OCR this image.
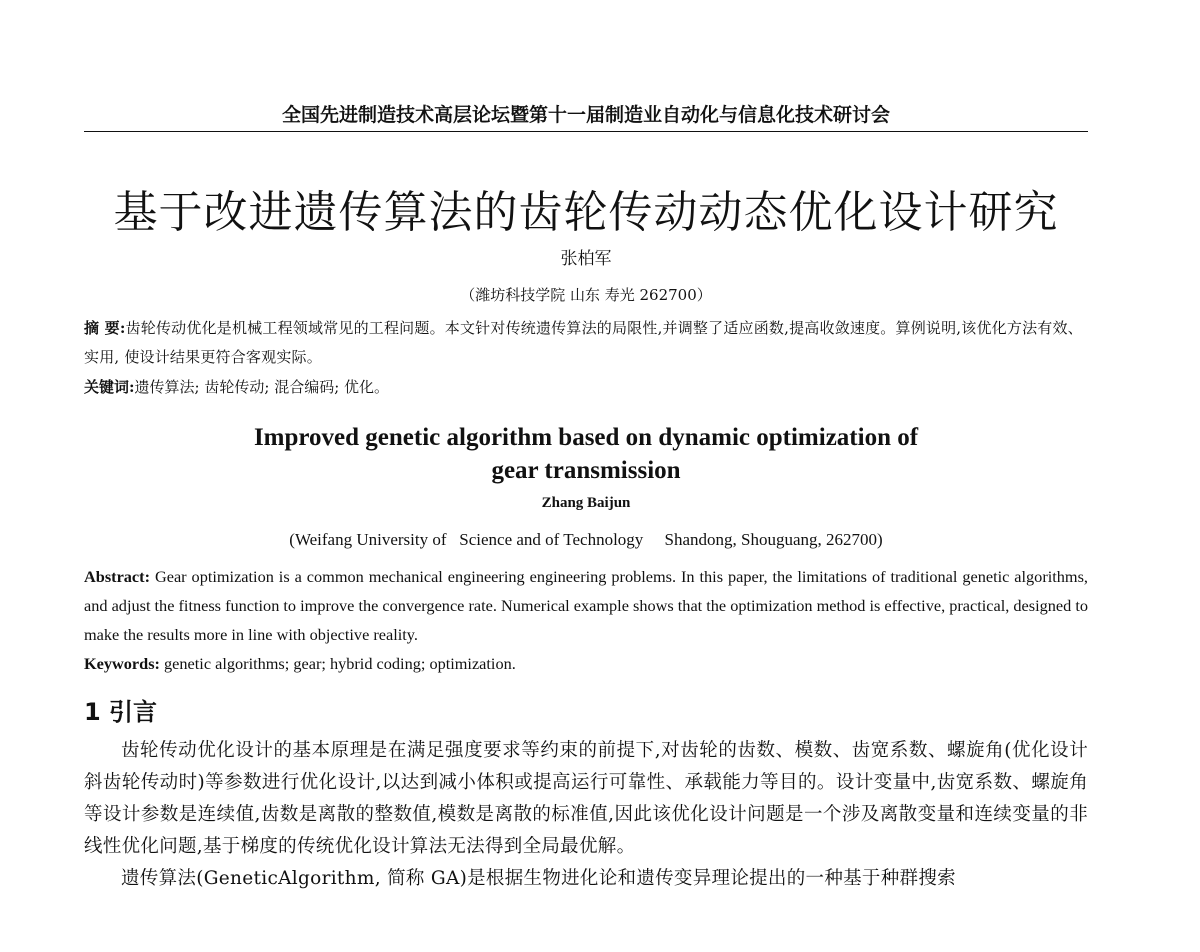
全国先进制造技术高层论坛暨第十一届制造业自动化与信息化技术研讨会
基于改进遗传算法的齿轮传动动态优化设计研究
张柏军
（潍坊科技学院 山东 寿光 262700）
摘 要:齿轮传动优化是机械工程领域常见的工程问题。本文针对传统遗传算法的局限性,并调整了适应函数,提高收敛速度。算例说明,该优化方法有效、实用, 使设计结果更符合客观实际。
关键词:遗传算法; 齿轮传动; 混合编码; 优化。
Improved genetic algorithm based on dynamic optimization of
gear transmission
Zhang Baijun
(Weifang University of   Science and of Technology     Shandong, Shouguang, 262700)
Abstract: Gear optimization is a common mechanical engineering engineering problems. In this paper, the limitations of traditional genetic algorithms, and adjust the fitness function to improve the convergence rate. Numerical example shows that the optimization method is effective, practical, designed to make the results more in line with objective reality.
Keywords: genetic algorithms; gear; hybrid coding; optimization.
1 引言

齿轮传动优化设计的基本原理是在满足强度要求等约束的前提下,对齿轮的齿数、模数、齿宽系数、螺旋角(优化设计斜齿轮传动时)等参数进行优化设计,以达到减小体积或提高运行可靠性、承载能力等目的。设计变量中,齿宽系数、螺旋角等设计参数是连续值,齿数是离散的整数值,模数是离散的标准值,因此该优化设计问题是一个涉及离散变量和连续变量的非线性优化问题,基于梯度的传统优化设计算法无法得到全局最优解。

遗传算法(GeneticAlgorithm, 简称 GA)是根据生物进化论和遗传变异理论提出的一种基于种群搜索
